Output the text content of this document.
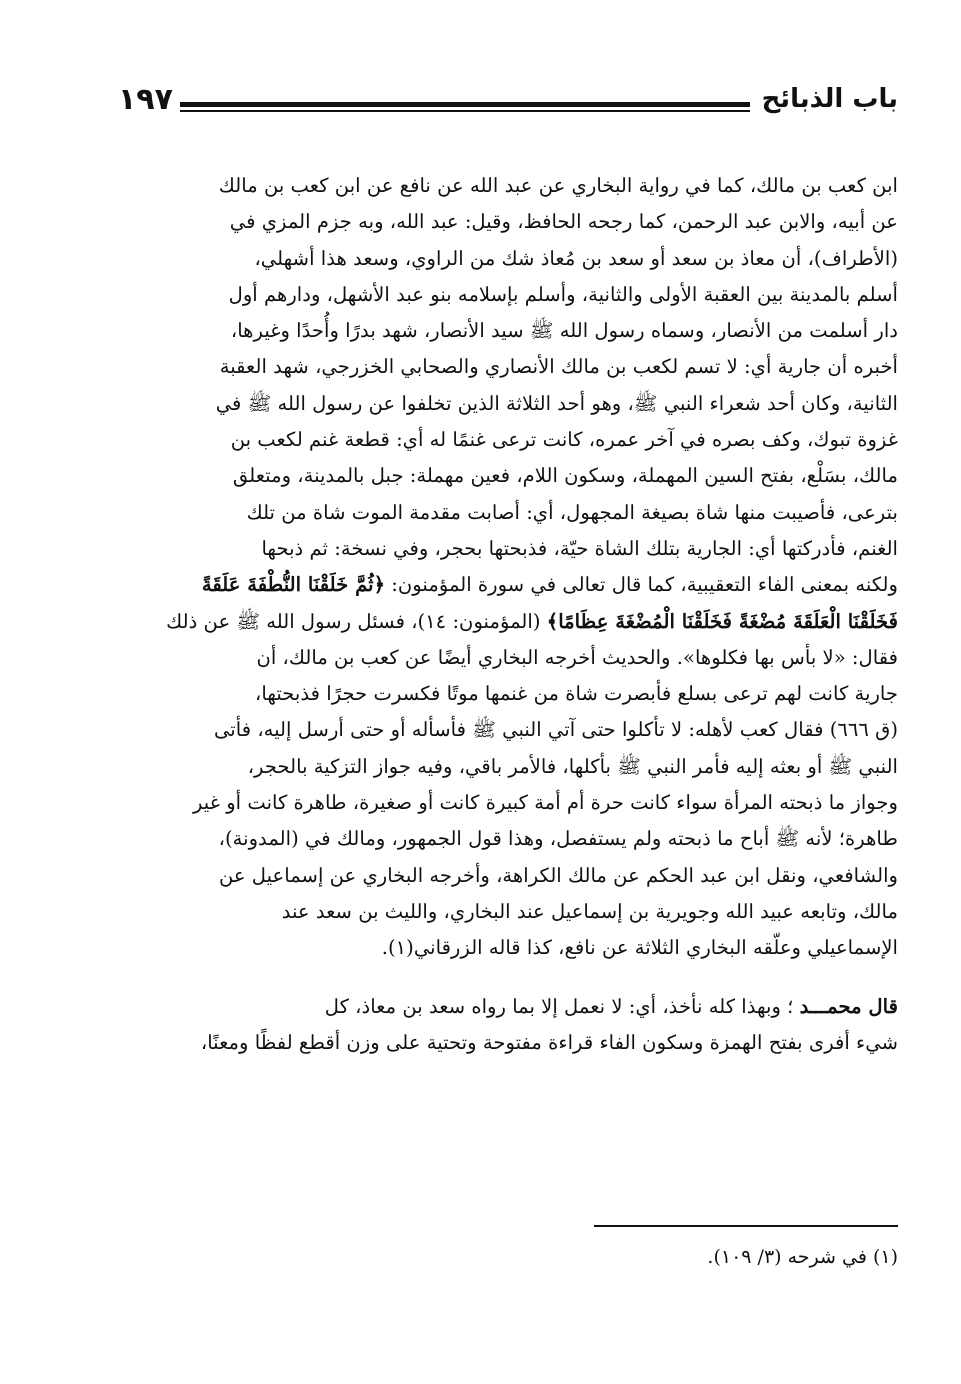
باب الذبائح
١٩٧
ابن كعب بن مالك، كما في رواية البخاري عن عبد الله عن نافع عن ابن كعب بن مالك
عن أبيه، والابن عبد الرحمن، كما رجحه الحافظ، وقيل: عبد الله، وبه جزم المزي في
(الأطراف)، أن معاذ بن سعد أو سعد بن مُعاذ شك من الراوي، وسعد هذا أشهلي،
أسلم بالمدينة بين العقبة الأولى والثانية، وأسلم بإسلامه بنو عبد الأشهل، ودارهم أول
دار أسلمت من الأنصار، وسماه رسول الله ﷺ سيد الأنصار، شهد بدرًا وأُحدًا وغيرها،
أخبره أن جارية أي: لا تسم لكعب بن مالك الأنصاري والصحابي الخزرجي، شهد العقبة
الثانية، وكان أحد شعراء النبي ﷺ، وهو أحد الثلاثة الذين تخلفوا عن رسول الله ﷺ في
غزوة تبوك، وكف بصره في آخر عمره، كانت ترعى غنمًا له أي: قطعة غنم لكعب بن
مالك، بسَلْع، بفتح السين المهملة، وسكون اللام، فعين مهملة: جبل بالمدينة، ومتعلق
بترعى، فأصيبت منها شاة بصيغة المجهول، أي: أصابت مقدمة الموت شاة من تلك
الغنم، فأدركتها أي: الجارية بتلك الشاة حيّة، فذبحتها بحجر، وفي نسخة: ثم ذبحها
ولكنه بمعنى الفاء التعقيبية، كما قال تعالى في سورة المؤمنون: ﴿ثُمَّ خَلَقْنَا النُّطْفَةَ عَلَقَةً
فَخَلَقْنَا الْعَلَقَةَ مُضْغَةً فَخَلَقْنَا الْمُضْغَةَ عِظَامًا﴾ (المؤمنون: ١٤)، فسئل رسول الله ﷺ عن ذلك
فقال: «لا بأس بها فكلوها». والحديث أخرجه البخاري أيضًا عن كعب بن مالك، أن
جارية كانت لهم ترعى بسلع فأبصرت شاة من غنمها موتًا فكسرت حجرًا فذبحتها،
(ق ٦٦٦) فقال كعب لأهله: لا تأكلوا حتى آتي النبي ﷺ فأسأله أو حتى أرسل إليه، فأتى
النبي ﷺ أو بعثه إليه فأمر النبي ﷺ بأكلها، فالأمر باقي، وفيه جواز التزكية بالحجر،
وجواز ما ذبحته المرأة سواء كانت حرة أم أمة كبيرة كانت أو صغيرة، طاهرة كانت أو غير
طاهرة؛ لأنه ﷺ أباح ما ذبحته ولم يستفصل، وهذا قول الجمهور، ومالك في (المدونة)،
والشافعي، ونقل ابن عبد الحكم عن مالك الكراهة، وأخرجه البخاري عن إسماعيل عن
مالك، وتابعه عبيد الله وجويرية بن إسماعيل عند البخاري، والليث بن سعد عند
الإسماعيلي وعلّقه البخاري الثلاثة عن نافع، كذا قاله الزرقاني(١).
قال محمـــد ؛ وبهذا كله نأخذ، أي: لا نعمل إلا بما رواه سعد بن معاذ، كل
شيء أفرى بفتح الهمزة وسكون الفاء قراءة مفتوحة وتحتية على وزن أقطع لفظًا ومعنًا،
(١) في شرحه (٣/ ١٠٩).
